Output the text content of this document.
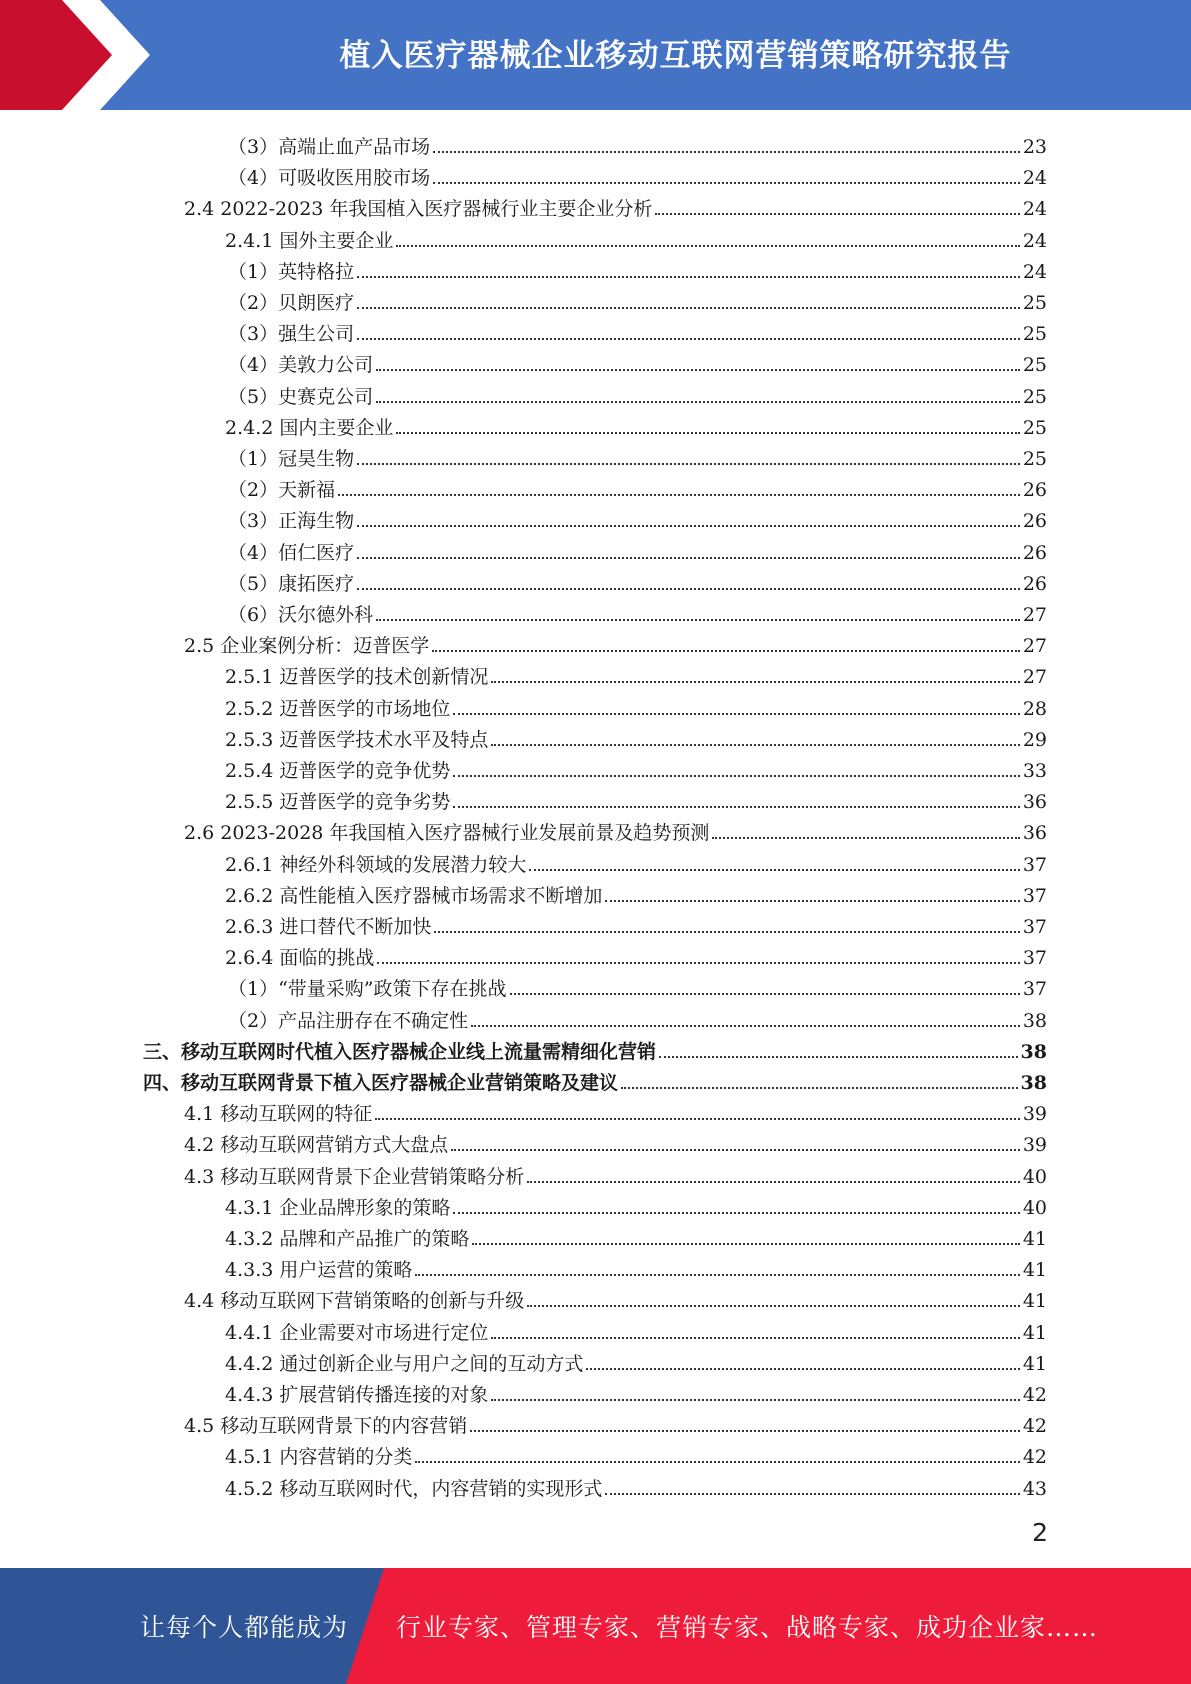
植入医疗器械企业移动互联网营销策略研究报告
（3）高端止血产品市场	23
（4）可吸收医用胶市场	24
2.4 2022-2023 年我国植入医疗器械行业主要企业分析	24
2.4.1 国外主要企业	24
（1）英特格拉	24
（2）贝朗医疗	25
（3）强生公司	25
（4）美敦力公司	25
（5）史赛克公司	25
2.4.2 国内主要企业	25
（1）冠昊生物	25
（2）天新福	26
（3）正海生物	26
（4）佰仁医疗	26
（5）康拓医疗	26
（6）沃尔德外科	27
2.5 企业案例分析：迈普医学	27
2.5.1 迈普医学的技术创新情况	27
2.5.2 迈普医学的市场地位	28
2.5.3 迈普医学技术水平及特点	29
2.5.4 迈普医学的竞争优势	33
2.5.5 迈普医学的竞争劣势	36
2.6 2023-2028 年我国植入医疗器械行业发展前景及趋势预测	36
2.6.1 神经外科领域的发展潜力较大	37
2.6.2 高性能植入医疗器械市场需求不断增加	37
2.6.3 进口替代不断加快	37
2.6.4 面临的挑战	37
（1）“带量采购”政策下存在挑战	37
（2）产品注册存在不确定性	38
三、移动互联网时代植入医疗器械企业线上流量需精细化营销	38
四、移动互联网背景下植入医疗器械企业营销策略及建议	38
4.1 移动互联网的特征	39
4.2 移动互联网营销方式大盘点	39
4.3 移动互联网背景下企业营销策略分析	40
4.3.1 企业品牌形象的策略	40
4.3.2 品牌和产品推广的策略	41
4.3.3 用户运营的策略	41
4.4 移动互联网下营销策略的创新与升级	41
4.4.1 企业需要对市场进行定位	41
4.4.2 通过创新企业与用户之间的互动方式	41
4.4.3 扩展营销传播连接的对象	42
4.5 移动互联网背景下的内容营销	42
4.5.1 内容营销的分类	42
4.5.2 移动互联网时代，内容营销的实现形式	43
2
让每个人都能成为 行业专家、管理专家、营销专家、战略专家、成功企业家……
